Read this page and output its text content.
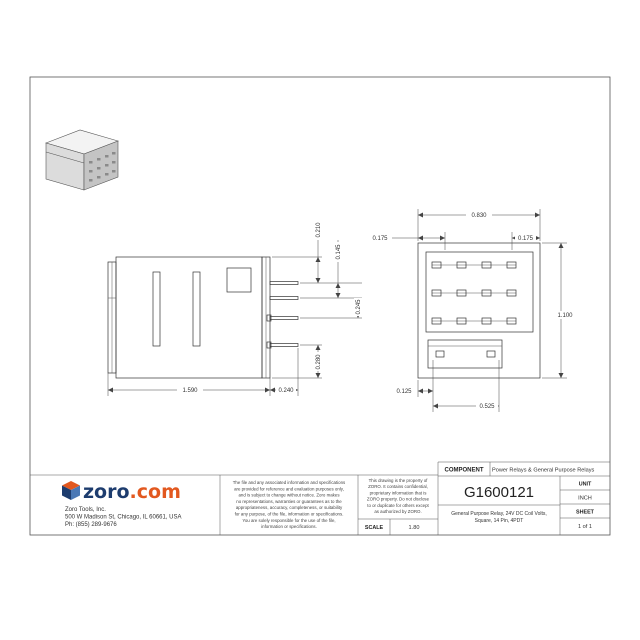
1.590	0.240
0.210
0.145
0.245
0.280
0.830
0.175	0.175
1.100
0.125
0.525
zoro.com
Zoro Tools, Inc.
500 W Madison St, Chicago, IL 60661, USA
Ph: (855) 289-9676
The file and any associated information and specifications
are provided for reference and evaluation purposes only,
and is subject to change without notice. Zoro makes
no representations, warranties or guarantees as to the
appropriateness, accuracy, completeness, or suitability
for any purpose, of the file, information or specifications.
You are solely responsible for the use of the file,
information or specifications.
This drawing is the property of
ZORO. It contains confidential,
proprietary information that is
ZORO property. Do not disclose
to or duplicate for others except
as authorized by ZORO.
SCALE	1.80
COMPONENT Power Relays & General Purpose Relays
G1600121
General Purpose Relay, 24V DC Coil Volts,
Square, 14 Pin, 4PDT
UNIT
INCH
SHEET
1 of 1
